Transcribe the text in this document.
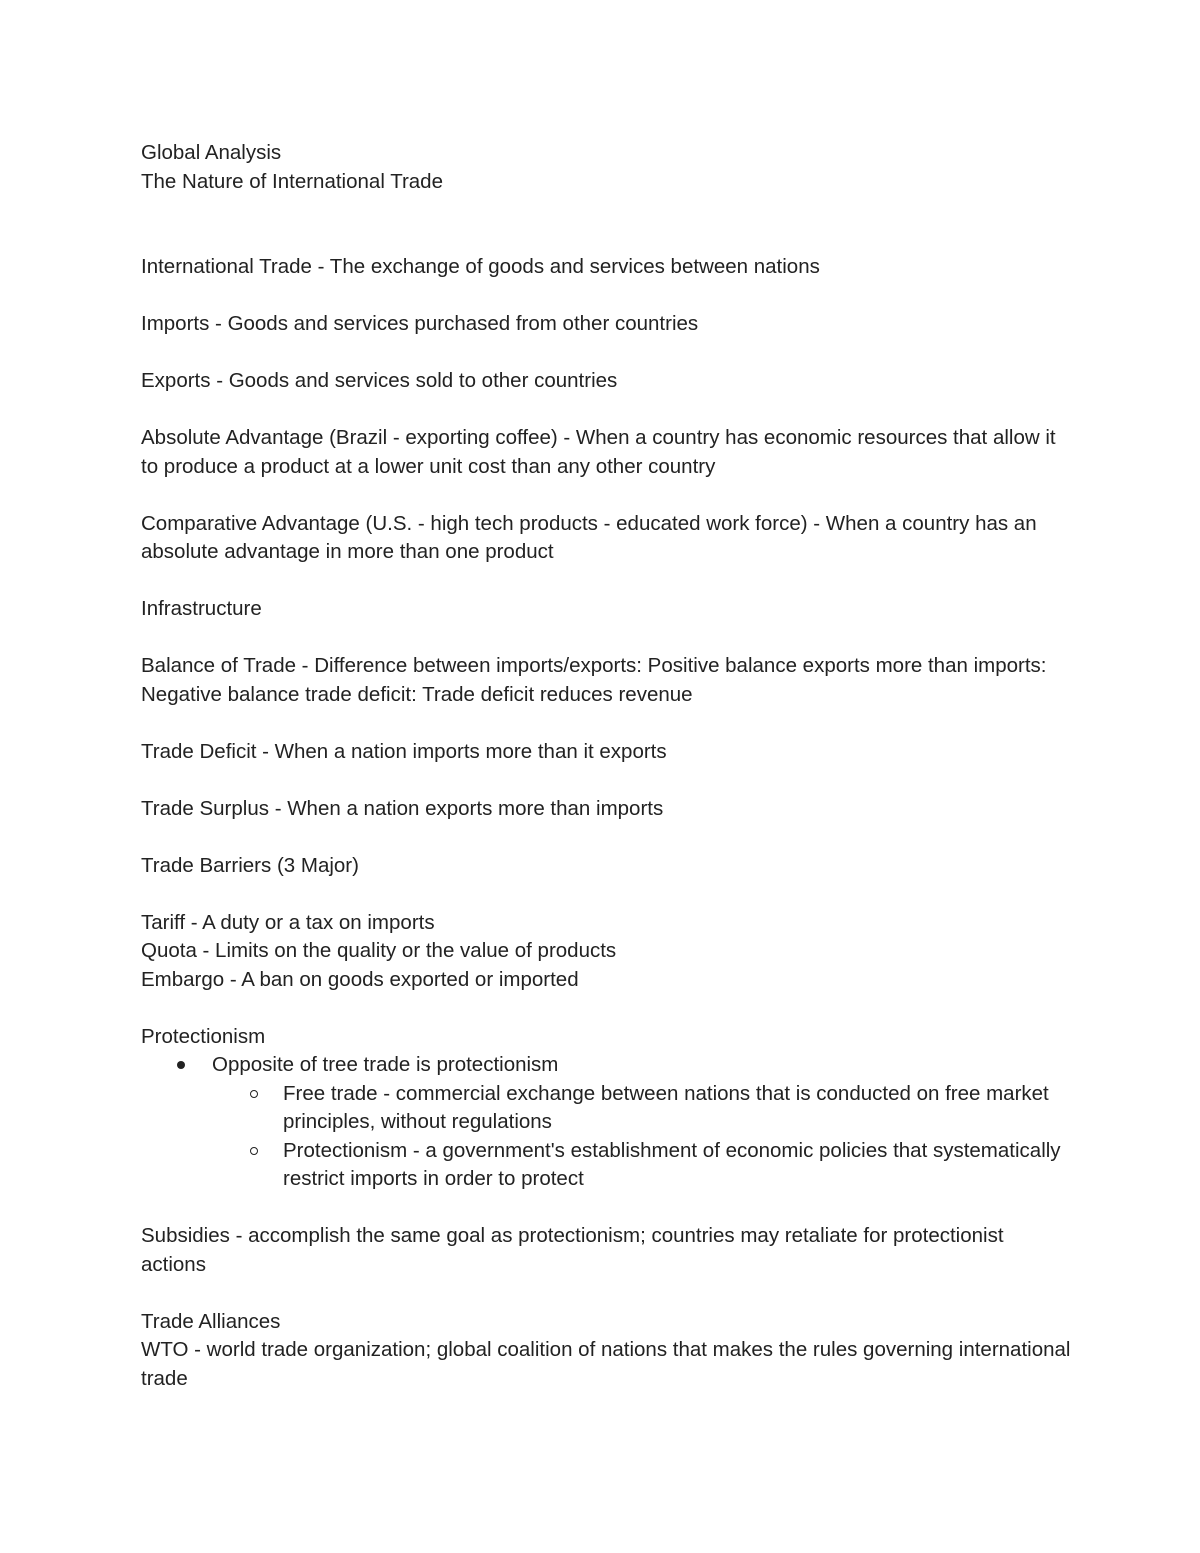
Global Analysis
The Nature of International Trade
International Trade - The exchange of goods and services between nations
Imports - Goods and services purchased from other countries
Exports - Goods and services sold to other countries
Absolute Advantage (Brazil - exporting coffee) - When a country has economic resources that allow it to produce a product at a lower unit cost than any other country
Comparative Advantage (U.S. - high tech products - educated work force) - When a country has an absolute advantage in more than one product
Infrastructure
Balance of Trade - Difference between imports/exports: Positive balance exports more than imports: Negative balance trade deficit: Trade deficit reduces revenue
Trade Deficit - When a nation imports more than it exports
Trade Surplus - When a nation exports more than imports
Trade Barriers (3 Major)
Tariff - A duty or a tax on imports
Quota - Limits on the quality or the value of products
Embargo - A ban on goods exported or imported
Protectionism
Opposite of tree trade is protectionism
Free trade - commercial exchange between nations that is conducted on free market principles, without regulations
Protectionism - a government's establishment of economic policies that systematically restrict imports in order to protect
Subsidies - accomplish the same goal as protectionism; countries may retaliate for protectionist actions
Trade Alliances
WTO - world trade organization; global coalition of nations that makes the rules governing international trade
